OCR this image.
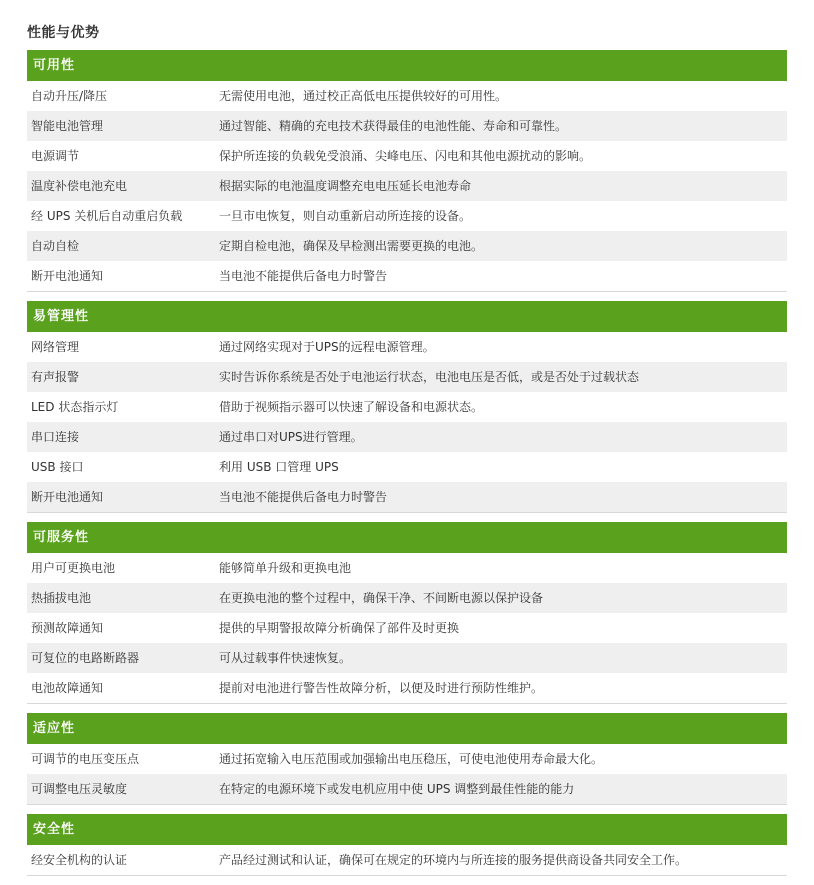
性能与优势
可用性
自动升压/降压	无需使用电池，通过校正高低电压提供较好的可用性。
智能电池管理	通过智能、精确的充电技术获得最佳的电池性能、寿命和可靠性。
电源调节	保护所连接的负载免受浪涌、尖峰电压、闪电和其他电源扰动的影响。
温度补偿电池充电	根据实际的电池温度调整充电电压延长电池寿命
经 UPS 关机后自动重启负载	一旦市电恢复，则自动重新启动所连接的设备。
自动自检	定期自检电池，确保及早检测出需要更换的电池。
断开电池通知	当电池不能提供后备电力时警告
易管理性
网络管理	通过网络实现对于UPS的远程电源管理。
有声报警	实时告诉你系统是否处于电池运行状态，电池电压是否低，或是否处于过载状态
LED 状态指示灯	借助于视频指示器可以快速了解设备和电源状态。
串口连接	通过串口对UPS进行管理。
USB 接口	利用 USB 口管理 UPS
断开电池通知	当电池不能提供后备电力时警告
可服务性
用户可更换电池	能够简单升级和更换电池
热插拔电池	在更换电池的整个过程中，确保干净、不间断电源以保护设备
预测故障通知	提供的早期警报故障分析确保了部件及时更换
可复位的电路断路器	可从过载事件快速恢复。
电池故障通知	提前对电池进行警告性故障分析，以便及时进行预防性维护。
适应性
可调节的电压变压点	通过拓宽输入电压范围或加强输出电压稳压，可使电池使用寿命最大化。
可调整电压灵敏度	在特定的电源环境下或发电机应用中使 UPS 调整到最佳性能的能力
安全性
经安全机构的认证	产品经过测试和认证，确保可在规定的环境内与所连接的服务提供商设备共同安全工作。
